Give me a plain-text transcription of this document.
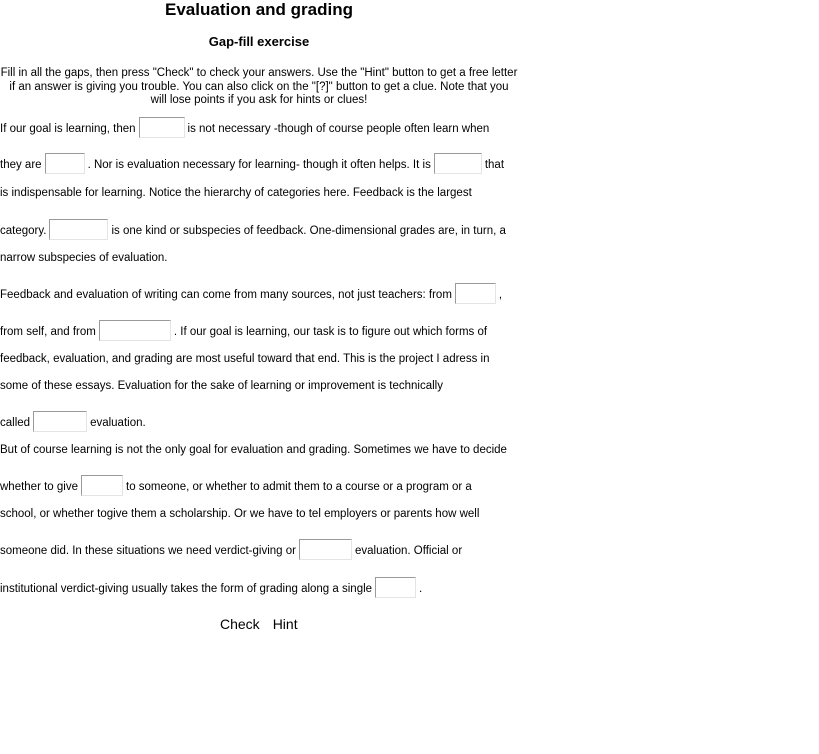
Evaluation and grading
Gap-fill exercise
Fill in all the gaps, then press "Check" to check your answers. Use the "Hint" button to get a free letter if an answer is giving you trouble. You can also click on the "[?]" button to get a clue. Note that you will lose points if you ask for hints or clues!
If our goal is learning, then	is not necessary -though of course people often learn when
they are	. Nor is evaluation necessary for learning- though it often helps. It is	that
is indispensable for learning. Notice the hierarchy of categories here. Feedback is the largest
category.	is one kind or subspecies of feedback. One-dimensional grades are, in turn, a
narrow subspecies of evaluation.
Feedback and evaluation of writing can come from many sources, not just teachers: from	,
from self, and from	. If our goal is learning, our task is to figure out which forms of
feedback, evaluation, and grading are most useful toward that end. This is the project I adress in
some of these essays. Evaluation for the sake of learning or improvement is technically
called	evaluation.
But of course learning is not the only goal for evaluation and grading. Sometimes we have to decide
whether to give	to someone, or whether to admit them to a course or a program or a
school, or whether togive them a scholarship. Or we have to tel employers or parents how well
someone did. In these situations we need verdict-giving or	evaluation. Official or
institutional verdict-giving usually takes the form of grading along a single	.
Check Hint
